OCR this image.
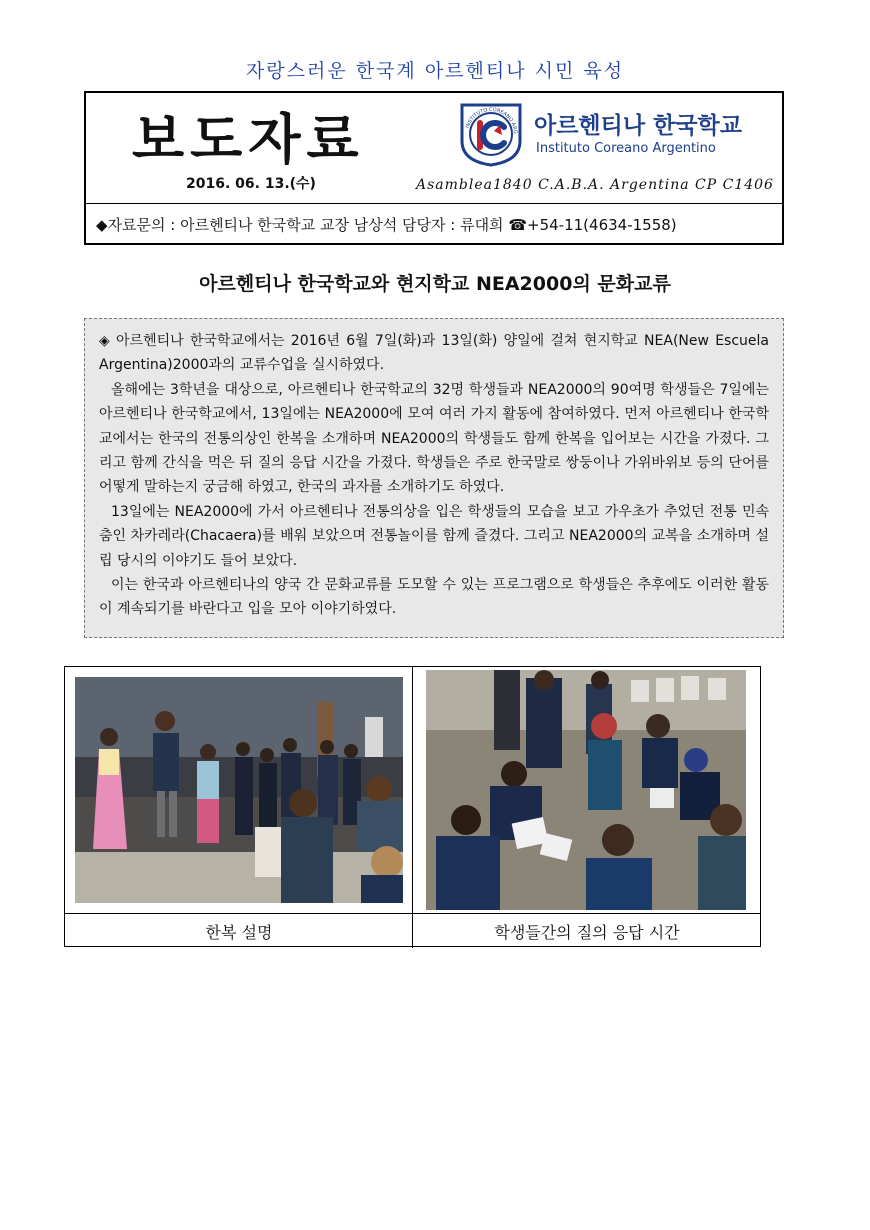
자랑스러운 한국계 아르헨티나 시민 육성
보도자료
2016. 06. 13.(수)
INSTITUTO COREANO ARG 아르헨티나 한국학교
Instituto Coreano Argentino
Asamblea1840 C.A.B.A. Argentina CP C1406
◆자료문의 : 아르헨티나 한국학교 교장 남상석 담당자 : 류대희 ☎+54-11(4634-1558)
아르헨티나 한국학교와 현지학교 NEA2000의 문화교류

◈ 아르헨티나 한국학교에서는 2016년 6월 7일(화)과 13일(화) 양일에 걸쳐 현지학교 NEA(New Escuela Argentina)2000과의 교류수업을 실시하였다.

올해에는 3학년을 대상으로, 아르헨티나 한국학교의 32명 학생들과 NEA2000의 90여명 학생들은 7일에는 아르헨티나 한국학교에서, 13일에는 NEA2000에 모여 여러 가지 활동에 참여하였다. 먼저 아르헨티나 한국학교에서는 한국의 전통의상인 한복을 소개하며 NEA2000의 학생들도 함께 한복을 입어보는 시간을 가졌다. 그리고 함께 간식을 먹은 뒤 질의 응답 시간을 가졌다. 학생들은 주로 한국말로 쌍둥이나 가위바위보 등의 단어를 어떻게 말하는지 궁금해 하였고, 한국의 과자를 소개하기도 하였다.

13일에는 NEA2000에 가서 아르헨티나 전통의상을 입은 학생들의 모습을 보고 가우초가 추었던 전통 민속춤인 차카레라(Chacaera)를 배워 보았으며 전통놀이를 함께 즐겼다. 그리고 NEA2000의 교복을 소개하며 설립 당시의 이야기도 들어 보았다.

이는 한국과 아르헨티나의 양국 간 문화교류를 도모할 수 있는 프로그램으로 학생들은 추후에도 이러한 활동이 계속되기를 바란다고 입을 모아 이야기하였다.

한복 설명	학생들간의 질의 응답 시간
